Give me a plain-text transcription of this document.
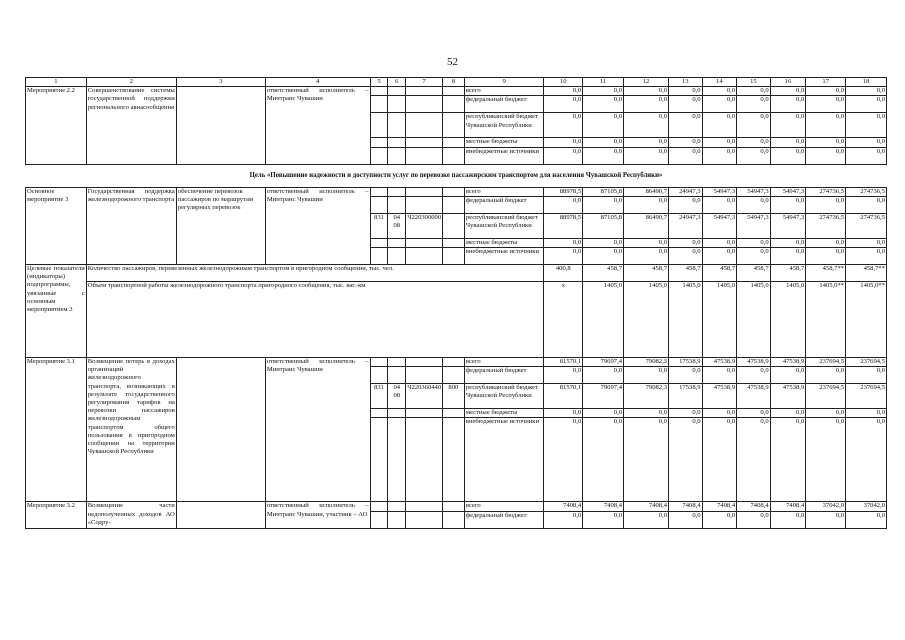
52
1	2	3	4	5	6	7	8	9	10	11	12	13	14	15	16	17	18
Мероприятие 2.2	Совершенствование системы государственной поддержки регионального авиасообщения		ответственный исполнитель – Минтранс Чувашии					всего	0,0	0,0	0,0	0,0	0,0	0,0	0,0	0,0	0,0
								федеральный бюджет	0,0	0,0	0,0	0,0	0,0	0,0	0,0	0,0	0,0
								республиканский бюджет Чувашской Республики	0,0	0,0	0,0	0,0	0,0	0,0	0,0	0,0	0,0
								местные бюджеты	0,0	0,0	0,0	0,0	0,0	0,0	0,0	0,0	0,0
								внебюджетные источники	0,0	0,0	0,0	0,0	0,0	0,0	0,0	0,0	0,0
Цель «Повышение надежности и доступности услуг по перевозке пассажирским транспортом для населения Чувашской Республики»																	
Основное мероприятие 3	Государственная поддержка железнодорожного транспорта	обеспечение перевозок пассажиров по маршрутам регулярных перевозок	ответственный исполнитель – Минтранс Чувашии					всего	88978,5	87105,8	86490,7	24947,3	54947,3	54947,3	54947,3	274736,5	274736,5
								федеральный бюджет	0,0	0,0	0,0	0,0	0,0	0,0	0,0	0,0	0,0
				831	04 08	Ч220300000		республиканский бюджет Чувашской Республики	88978,5	87105,8	86490,7	24947,3	54947,3	54947,3	54947,3	274736,5	274736,5
								местные бюджеты	0,0	0,0	0,0	0,0	0,0	0,0	0,0	0,0	0,0
								внебюджетные источники	0,0	0,0	0,0	0,0	0,0	0,0	0,0	0,0	0,0
Целевые показатели (индикаторы) подпрограммы, увязанные с основным мероприятием 3	Количество пассажиров, перевезенных железнодорожным транспортом в пригородном сообщении, тыс. чел.								400,8	458,7	458,7	458,7	458,7	458,7	458,7	458,7**	458,7**
	Объем транспортной работы железнодорожного транспорта пригородного сообщения, тыс. ваг.-км								х	1405,0	1405,0	1405,0	1405,0	1405,0	1405,0	1405,0**	1405,0**
Мероприятие 3.1	Возмещение потерь в доходах организаций железнодорожного транспорта, возникающих в результате государственного регулирования тарифов на перевозки пассажиров железнодорожным транспортом общего пользования в пригородном сообщении на территории Чувашской Республики		ответственный исполнитель – Минтранс Чувашии					всего	81570,1	79697,4	79082,3	17538,9	47538,9	47538,9	47538,9	237694,5	237694,5
								федеральный бюджет	0,0	0,0	0,0	0,0	0,0	0,0	0,0	0,0	0,0
				831	04 08	Ч220360440	800	республиканский бюджет Чувашской Республики	81570,1	79697,4	79082,3	17538,9	47538,9	47538,9	47538,9	237694,5	237694,5
								местные бюджеты	0,0	0,0	0,0	0,0	0,0	0,0	0,0	0,0	0,0
								внебюджетные источники	0,0	0,0	0,0	0,0	0,0	0,0	0,0	0,0	0,0
Мероприятие 3.2	Возмещение части недополученных доходов АО «Содру-		ответственный исполнитель – Минтранс Чувашии, участник – АО					всего	7408,4	7408,4	7408,4	7408,4	7408,4	7408,4	7408,4	37042,0	37042,0
								федеральный бюджет	0,0	0,0	0,0	0,0	0,0	0,0	0,0	0,0	0,0
